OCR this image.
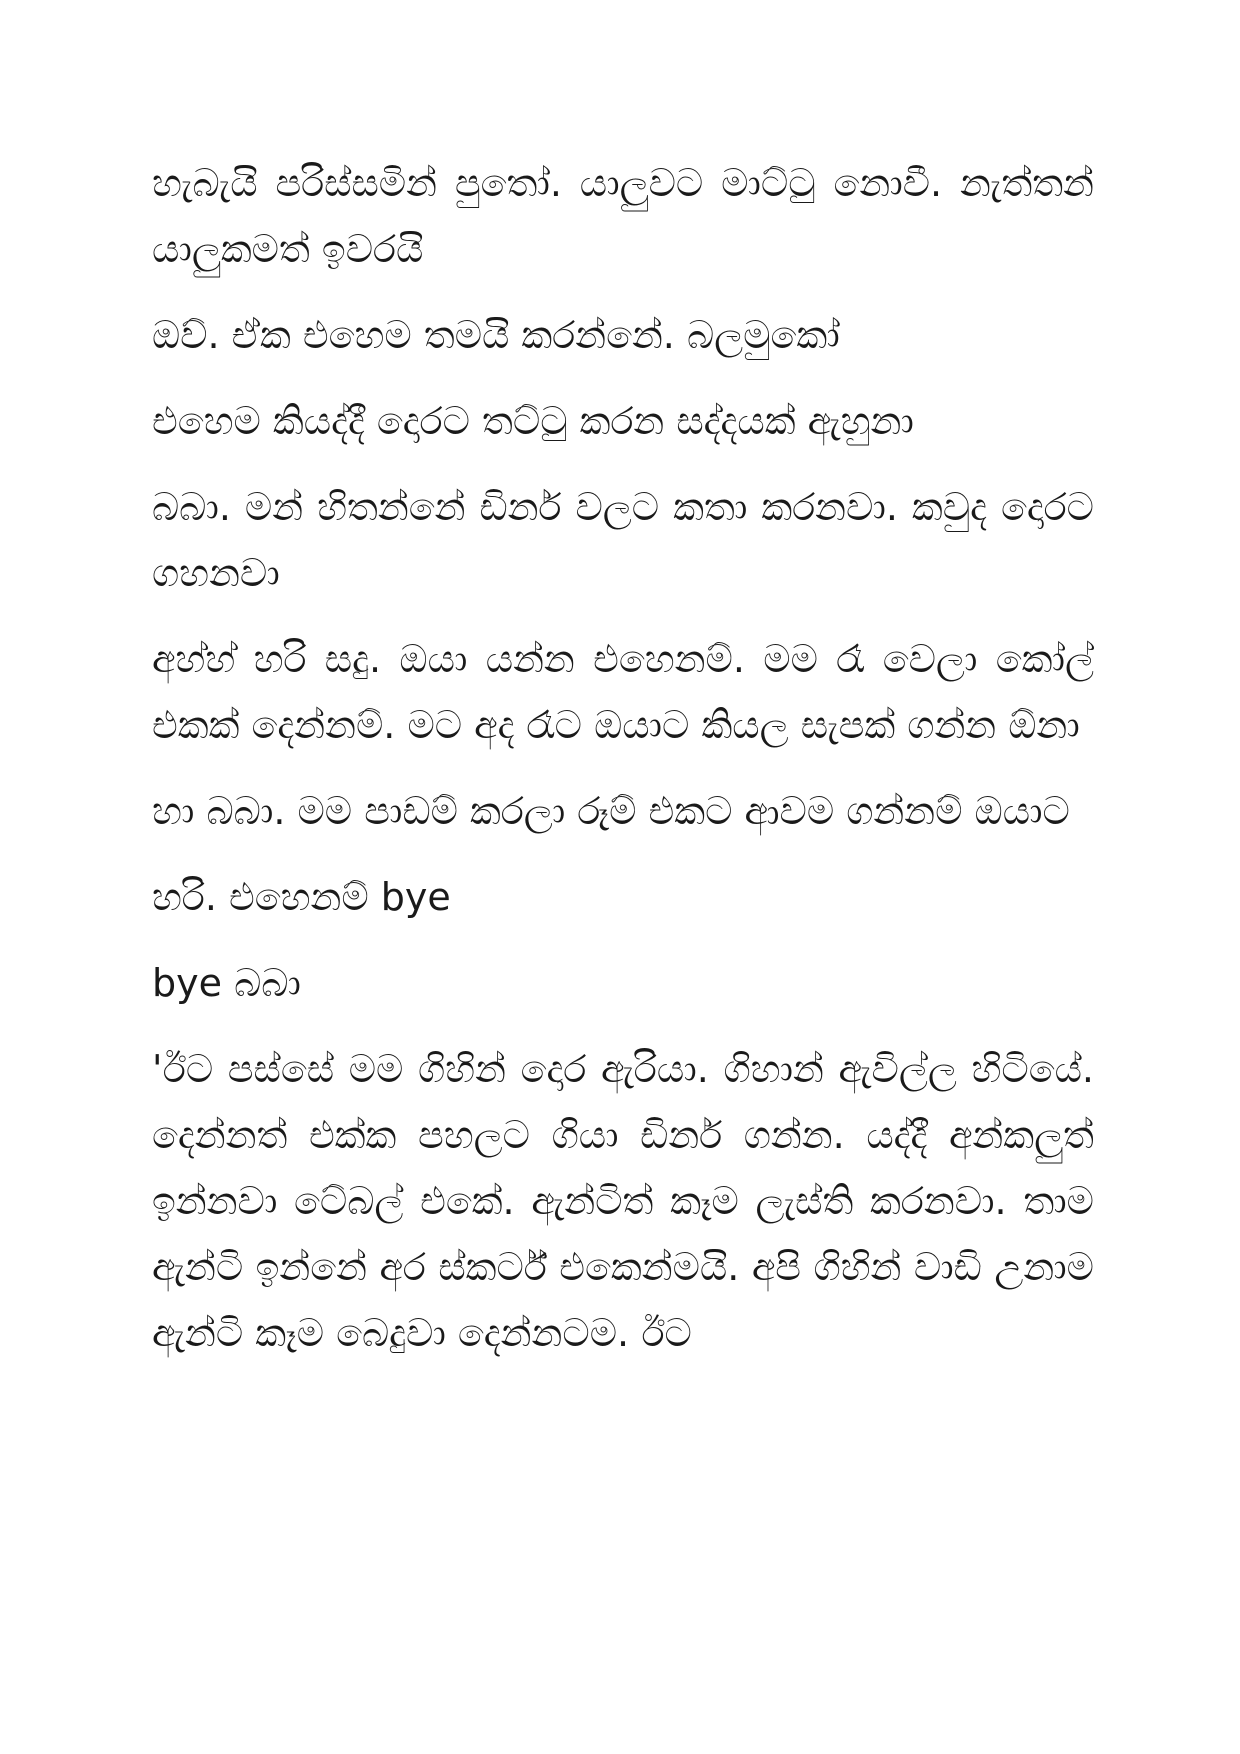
හැබැයි පරිස්සමින් පුතෝ. යාලුවට මාට්ටු නොවී. නැත්තන් යාලුකමත් ඉවරයි

ඔව්. ඒක එහෙම තමයි කරන්නේ. බලමුකෝ

එහෙම කියද්දී දොරට තට්ටු කරන සද්දයක් ඇහුනා

බබා. මන් හිතන්නේ ඩිනර් වලට කතා කරනවා. කවුද දොරට ගහනවා

අහ්හ් හරි සදු. ඔයා යන්න එහෙනම්. මම රෑ වෙලා කෝල් එකක් දෙන්නම්. මට අද රෑට ඔයාට කියල සැපක් ගන්න ඕනා

හා බබා. මම පාඩම් කරලා රූම් එකට ආවම ගන්නම් ඔයාට

හරි. එහෙනම් bye

bye බබා

'ඊට පස්සේ මම ගිහින් දොර ඇරියා. ගිහාන් ඇවිල්ල හිටියේ. දෙන්නත් එක්ක පහලට ගියා ඩිනර් ගන්න. යද්දී අන්කලුත් ඉන්නවා ටේබල් එකේ. ඇන්ටිත් කෑම ලැස්ති කරනවා. තාම ඇන්ටි ඉන්නේ අර ස්කර්ට් එකෙන්මයි. අපි ගිහින් වාඩි උනාම ඇන්ටි කෑම බෙදුවා දෙන්නටම. ඊට
